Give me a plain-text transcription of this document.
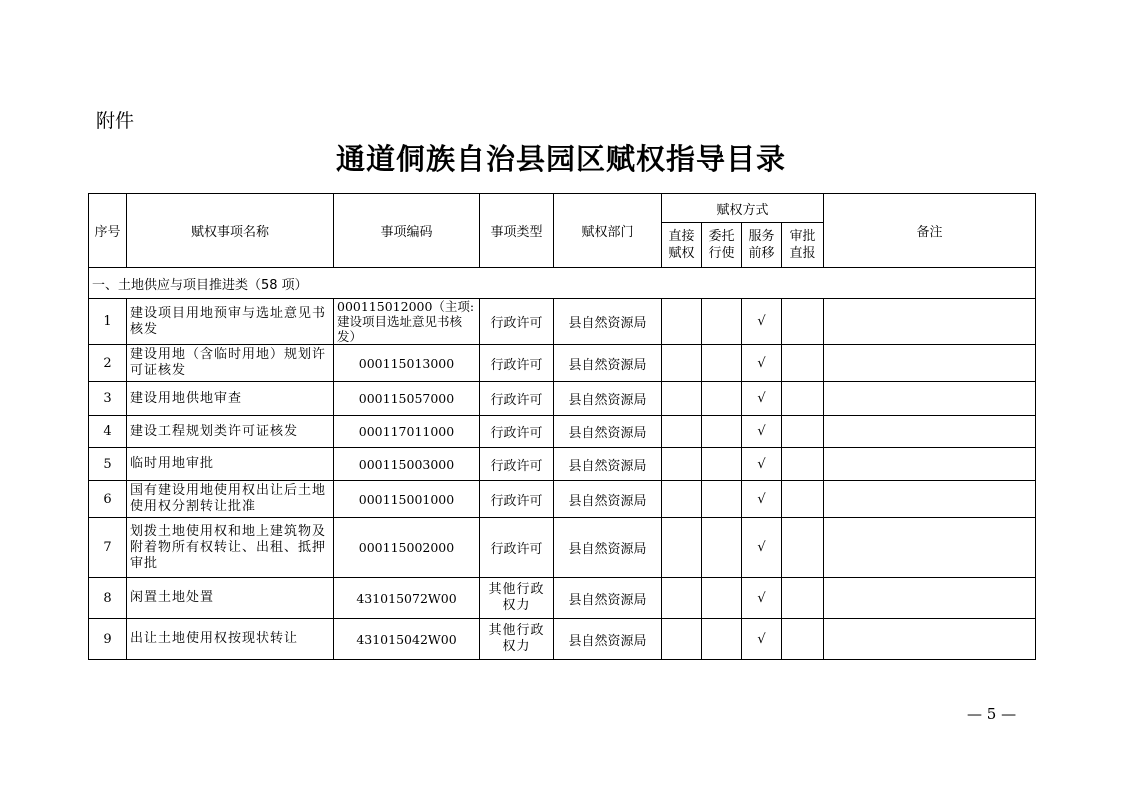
附件
通道侗族自治县园区赋权指导目录
序号	赋权事项名称	事项编码	事项类型	赋权部门	赋权方式				备注
					直接赋权	委托行使	服务前移	审批直报	
一、土地供应与项目推进类（58 项）									
1	建设项目用地预审与选址意见书核发	000115012000（主项:建设项目选址意见书核发）	行政许可	县自然资源局			√		
2	建设用地（含临时用地）规划许可证核发	000115013000	行政许可	县自然资源局			√		
3	建设用地供地审查	000115057000	行政许可	县自然资源局			√		
4	建设工程规划类许可证核发	000117011000	行政许可	县自然资源局			√		
5	临时用地审批	000115003000	行政许可	县自然资源局			√		
6	国有建设用地使用权出让后土地使用权分割转让批准	000115001000	行政许可	县自然资源局			√		
7	划拨土地使用权和地上建筑物及附着物所有权转让、出租、抵押审批	000115002000	行政许可	县自然资源局			√		
8	闲置土地处置	431015072W00	其他行政权力	县自然资源局			√		
9	出让土地使用权按现状转让	431015042W00	其他行政权力	县自然资源局			√		
— 5 —
